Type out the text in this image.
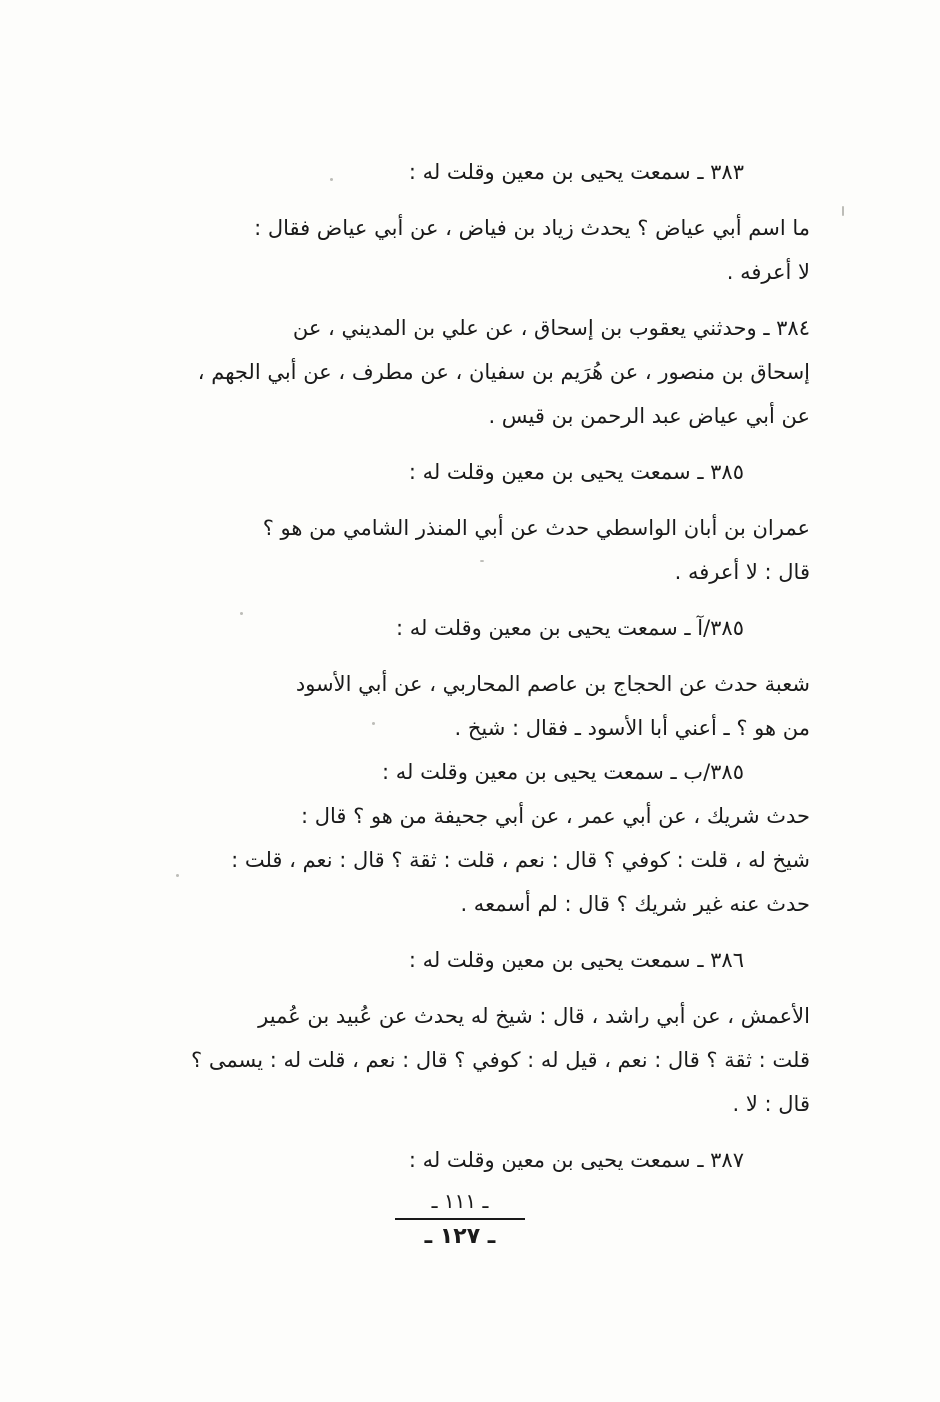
٣٨٣ ـ سمعت يحيى بن معين وقلت له :
ما اسم أبي عياض ؟ يحدث زياد بن فياض ، عن أبي عياض فقال :
لا أعرفه .
٣٨٤ ـ وحدثني يعقوب بن إسحاق ، عن علي بن المديني ، عن
إسحاق بن منصور ، عن هُرَيم بن سفيان ، عن مطرف ، عن أبي الجهم ،
عن أبي عياض عبد الرحمن بن قيس .
٣٨٥ ـ سمعت يحيى بن معين وقلت له :
عمران بن أبان الواسطي حدث عن أبي المنذر الشامي من هو ؟
قال : لا أعرفه .
٣٨٥/آ ـ سمعت يحيى بن معين وقلت له :
شعبة حدث عن الحجاج بن عاصم المحاربي ، عن أبي الأسود
من هو ؟ ـ أعني أبا الأسود ـ فقال : شيخ .
٣٨٥/ب ـ سمعت يحيى بن معين وقلت له :
حدث شريك ، عن أبي عمر ، عن أبي جحيفة من هو ؟ قال :
شيخ له ، قلت : كوفي ؟ قال : نعم ، قلت : ثقة ؟ قال : نعم ، قلت :
حدث عنه غير شريك ؟ قال : لم أسمعه .
٣٨٦ ـ سمعت يحيى بن معين وقلت له :
الأعمش ، عن أبي راشد ، قال : شيخ له يحدث عن عُبيد بن عُمير
قلت : ثقة ؟ قال : نعم ، قيل له : كوفي ؟ قال : نعم ، قلت له : يسمى ؟
قال : لا .
٣٨٧ ـ سمعت يحيى بن معين وقلت له :
ـ ١١١ ـ
ـ ١٢٧ ـ
